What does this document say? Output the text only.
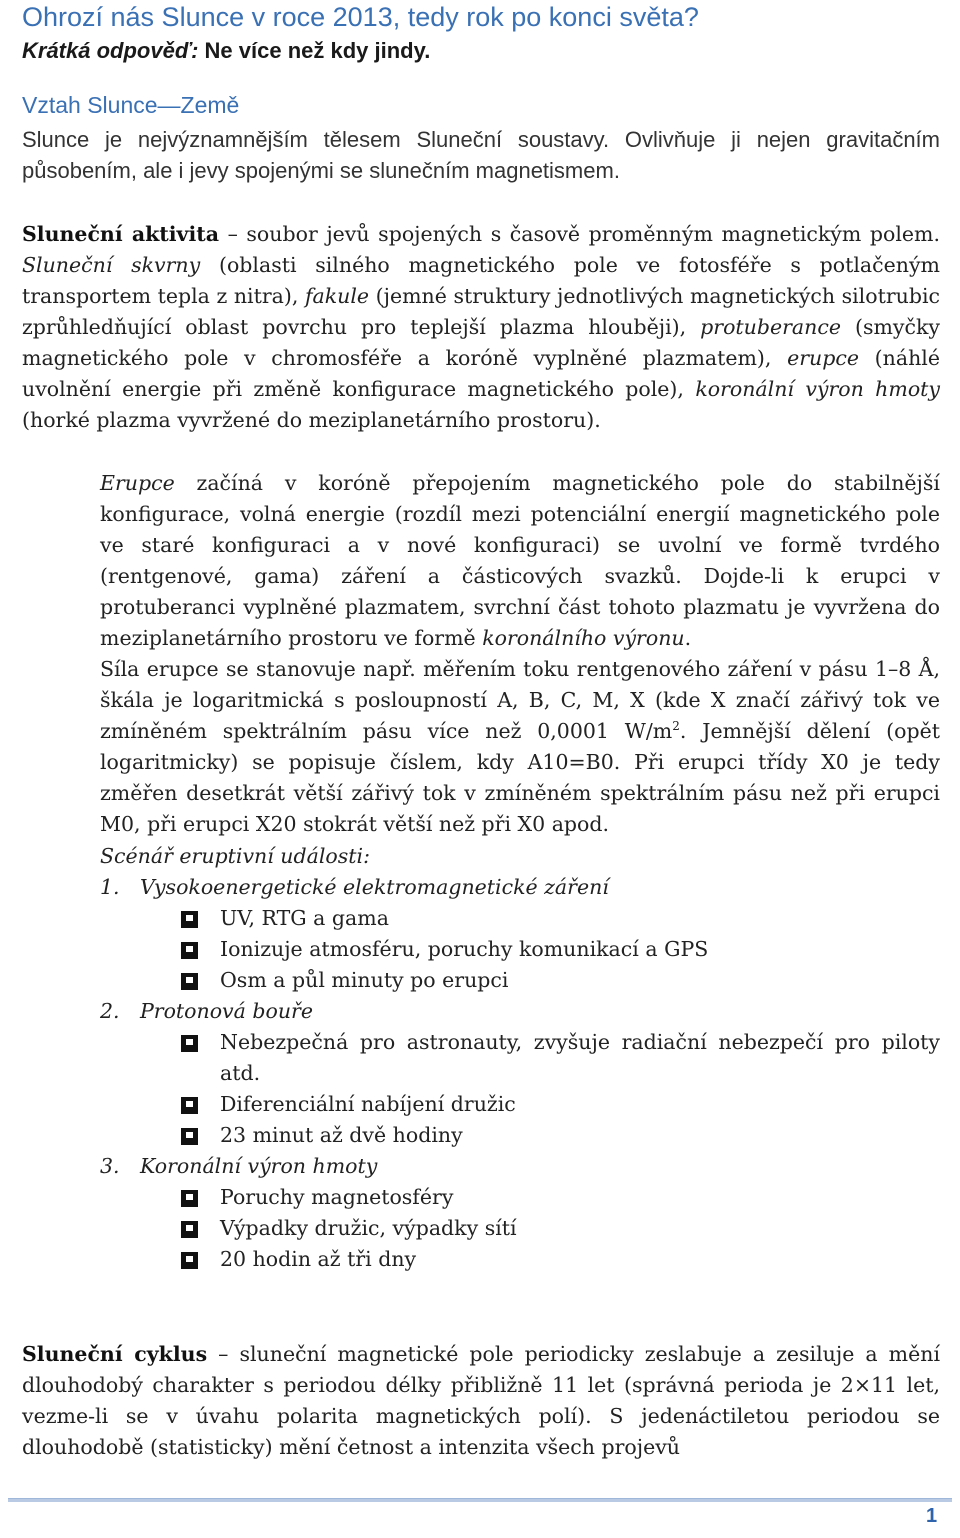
Ohrozí nás Slunce v roce 2013, tedy rok po konci světa?
Krátká odpověď: Ne více než kdy jindy.
Vztah Slunce—Země
Slunce je nejvýznamnějším tělesem Sluneční soustavy. Ovlivňuje ji nejen gravitačním působením, ale i jevy spojenými se slunečním magnetismem.
Sluneční aktivita – soubor jevů spojených s časově proměnným magnetickým polem. Sluneční skvrny (oblasti silného magnetického pole ve fotosféře s potlačeným transportem tepla z nitra), fakule (jemné struktury jednotlivých magnetických silotrubic zprůhledňující oblast povrchu pro teplejší plazma hlouběji), protuberance (smyčky magnetického pole v chromosféře a koróně vyplněné plazmatem), erupce (náhlé uvolnění energie při změně konfigurace magnetického pole), koronální výron hmoty (horké plazma vyvržené do meziplanetárního prostoru).
Erupce začíná v koróně přepojením magnetického pole do stabilnější konfigurace, volná energie (rozdíl mezi potenciální energií magnetického pole ve staré konfiguraci a v nové konfiguraci) se uvolní ve formě tvrdého (rentgenové, gama) záření a částicových svazků. Dojde-li k erupci v protuberanci vyplněné plazmatem, svrchní část tohoto plazmatu je vyvržena do meziplanetárního prostoru ve formě koronálního výronu.
Síla erupce se stanovuje např. měřením toku rentgenového záření v pásu 1–8 Å, škála je logaritmická s posloupností A, B, C, M, X (kde X značí zářivý tok ve zmíněném spektrálním pásu více než 0,0001 $W/m^2$. Jemnější dělení (opět logaritmicky) se popisuje číslem, kdy A10=B0. Při erupci třídy X0 je tedy změřen desetkrát větší zářivý tok v zmíněném spektrálním pásu než při erupci M0, při erupci X20 stokrát větší než při X0 apod.
Scénář eruptivní události:
1. Vysokoenergetické elektromagnetické záření
UV, RTG a gama
Ionizuje atmosféru, poruchy komunikací a GPS
Osm a půl minuty po erupci
2. Protonová bouře
Nebezpečná pro astronauty, zvyšuje radiační nebezpečí pro piloty atd.
Diferenciální nabíjení družic
23 minut až dvě hodiny
3. Koronální výron hmoty
Poruchy magnetosféry
Výpadky družic, výpadky sítí
20 hodin až tři dny
Sluneční cyklus – sluneční magnetické pole periodicky zeslabuje a zesiluje a mění dlouhodobý charakter s periodou délky přibližně 11 let (správná perioda je 2×11 let, vezme-li se v úvahu polarita magnetických polí). S jedenáctiletou periodou se dlouhodobě (statisticky) mění četnost a intenzita všech projevů
1
